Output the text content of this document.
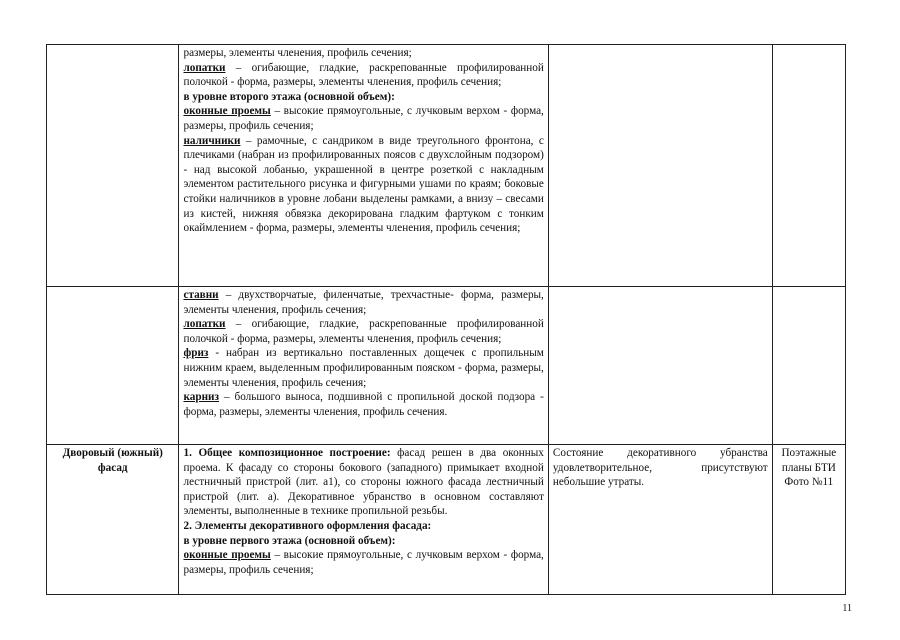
	размеры, элементы членения, профиль сечения;
лопатки – огибающие, гладкие, раскрепованные профилированной полочкой - форма, размеры, элементы членения, профиль сечения;
в уровне второго этажа (основной объем):
оконные проемы – высокие прямоугольные, с лучковым верхом - форма, размеры, профиль сечения;
наличники – рамочные, с сандриком в виде треугольного фронтона, с плечиками (набран из профилированных поясов с двухслойным подзором) - над высокой лобанью, украшенной в центре розеткой с накладным элементом растительного рисунка и фигурными ушами по краям; боковые стойки наличников в уровне лобани выделены рамками, а внизу – свесами из кистей, нижняя обвязка декорирована гладким фартуком с тонким окаймлением - форма, размеры, элементы членения, профиль сечения;		

	ставни – двухстворчатые, филенчатые, трехчастные- форма, размеры, элементы членения, профиль сечения;
лопатки – огибающие, гладкие, раскрепованные профилированной полочкой - форма, размеры, элементы членения, профиль сечения;
фриз - набран из вертикально поставленных дощечек с пропильным нижним краем, выделенным профилированным пояском - форма, размеры, элементы членения, профиль сечения;
карниз – большого выноса, подшивной с пропильной доской подзора - форма, размеры, элементы членения, профиль сечения.		

Дворовый (южный) фасад	1. Общее композиционное построение: фасад решен в два оконных проема. К фасаду со стороны бокового (западного) примыкает входной лестничный пристрой (лит. а1), со стороны южного фасада лестничный пристрой (лит. а). Декоративное убранство в основном составляют элементы, выполненные в технике пропильной резьбы.
2. Элементы декоративного оформления фасада:
в уровне первого этажа (основной объем):
оконные проемы – высокие прямоугольные, с лучковым верхом - форма, размеры, профиль сечения;	Состояние декоративного убранства удовлетворительное, присутствуют небольшие утраты.	Поэтажные планы БТИ Фото №11
11
